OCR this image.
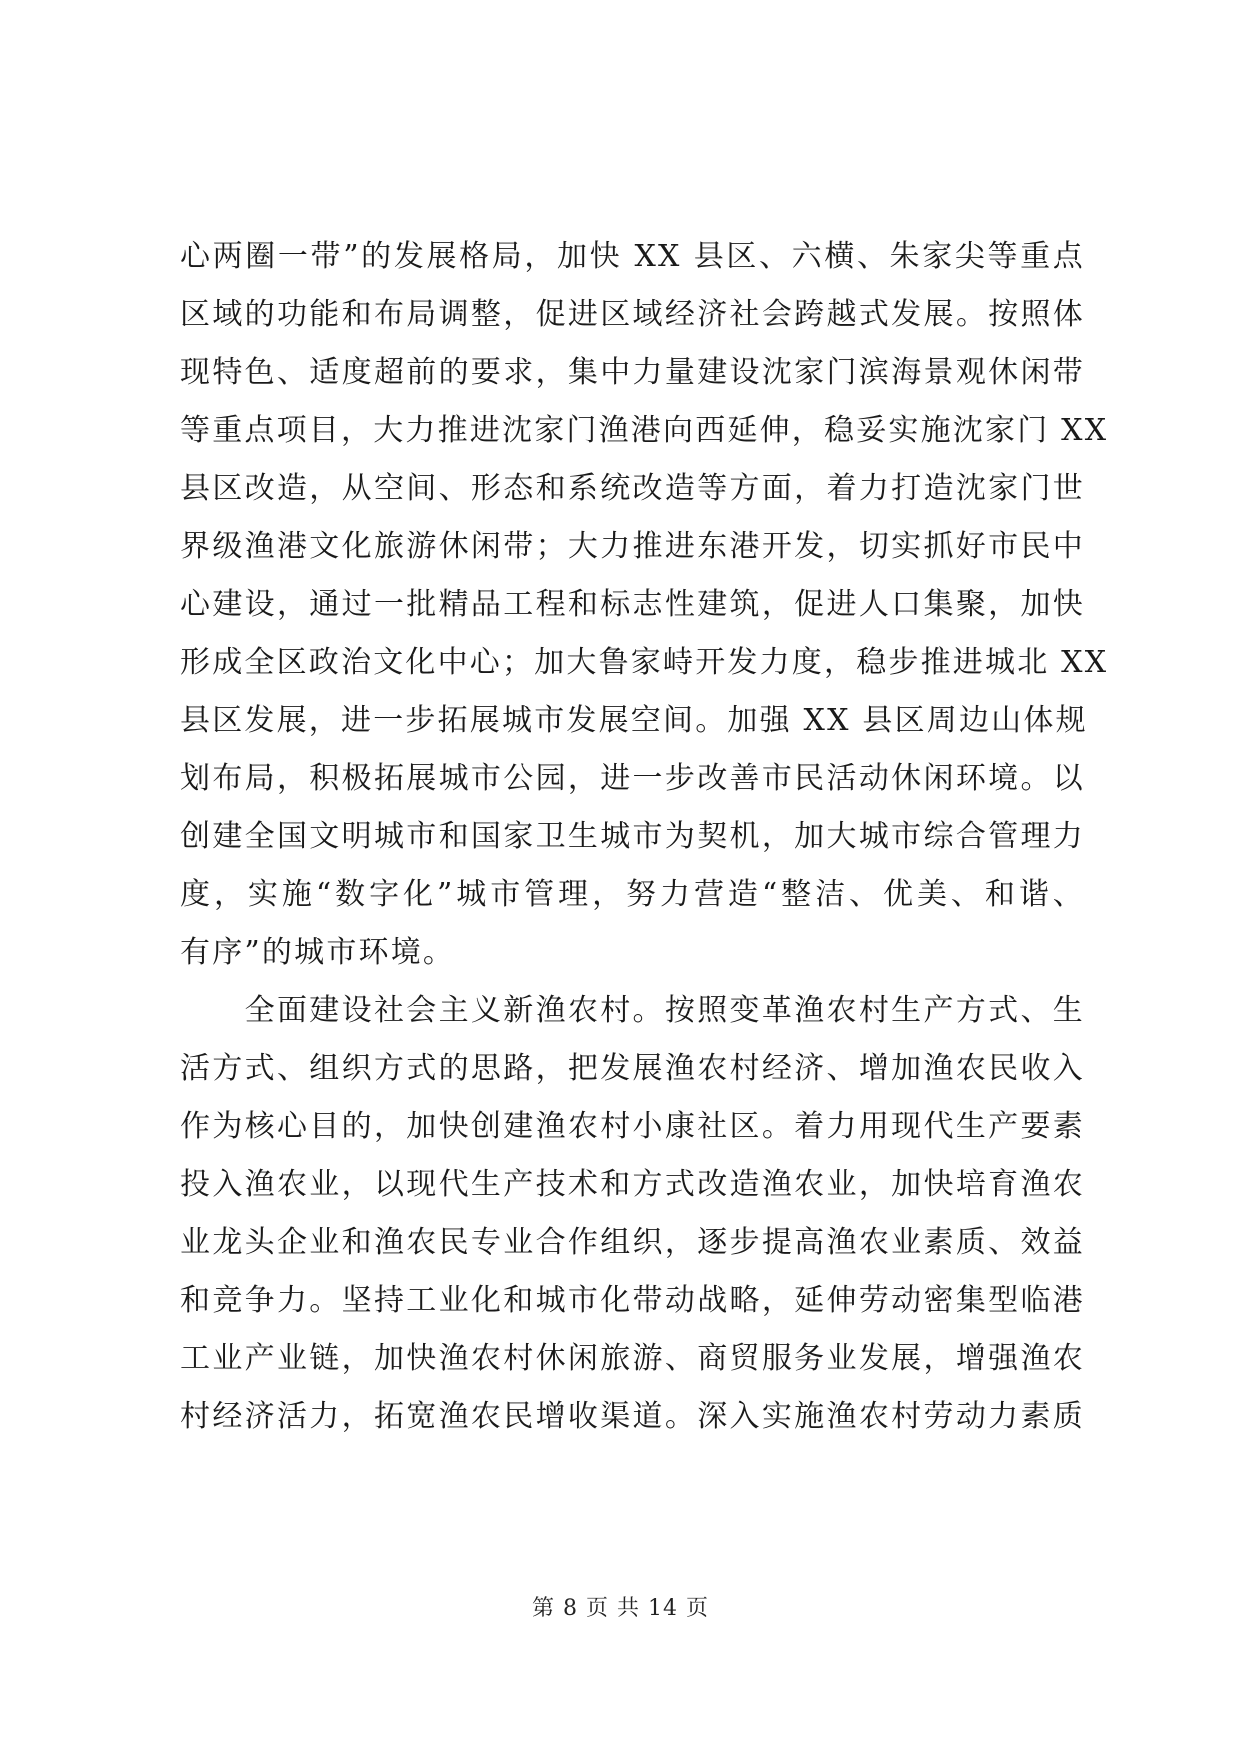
心两圈一带”的发展格局，加快 XX 县区、六横、朱家尖等重点
区域的功能和布局调整，促进区域经济社会跨越式发展。按照体
现特色、适度超前的要求，集中力量建设沈家门滨海景观休闲带
等重点项目，大力推进沈家门渔港向西延伸，稳妥实施沈家门 XX
县区改造，从空间、形态和系统改造等方面，着力打造沈家门世
界级渔港文化旅游休闲带；大力推进东港开发，切实抓好市民中
心建设，通过一批精品工程和标志性建筑，促进人口集聚，加快
形成全区政治文化中心；加大鲁家峙开发力度，稳步推进城北 XX
县区发展，进一步拓展城市发展空间。加强 XX 县区周边山体规
划布局，积极拓展城市公园，进一步改善市民活动休闲环境。以
创建全国文明城市和国家卫生城市为契机，加大城市综合管理力
度，实施“数字化”城市管理，努力营造“整洁、优美、和谐、
有序”的城市环境。
　　全面建设社会主义新渔农村。按照变革渔农村生产方式、生
活方式、组织方式的思路，把发展渔农村经济、增加渔农民收入
作为核心目的，加快创建渔农村小康社区。着力用现代生产要素
投入渔农业，以现代生产技术和方式改造渔农业，加快培育渔农
业龙头企业和渔农民专业合作组织，逐步提高渔农业素质、效益
和竞争力。坚持工业化和城市化带动战略，延伸劳动密集型临港
工业产业链，加快渔农村休闲旅游、商贸服务业发展，增强渔农
村经济活力，拓宽渔农民增收渠道。深入实施渔农村劳动力素质
第 8 页 共 14 页
